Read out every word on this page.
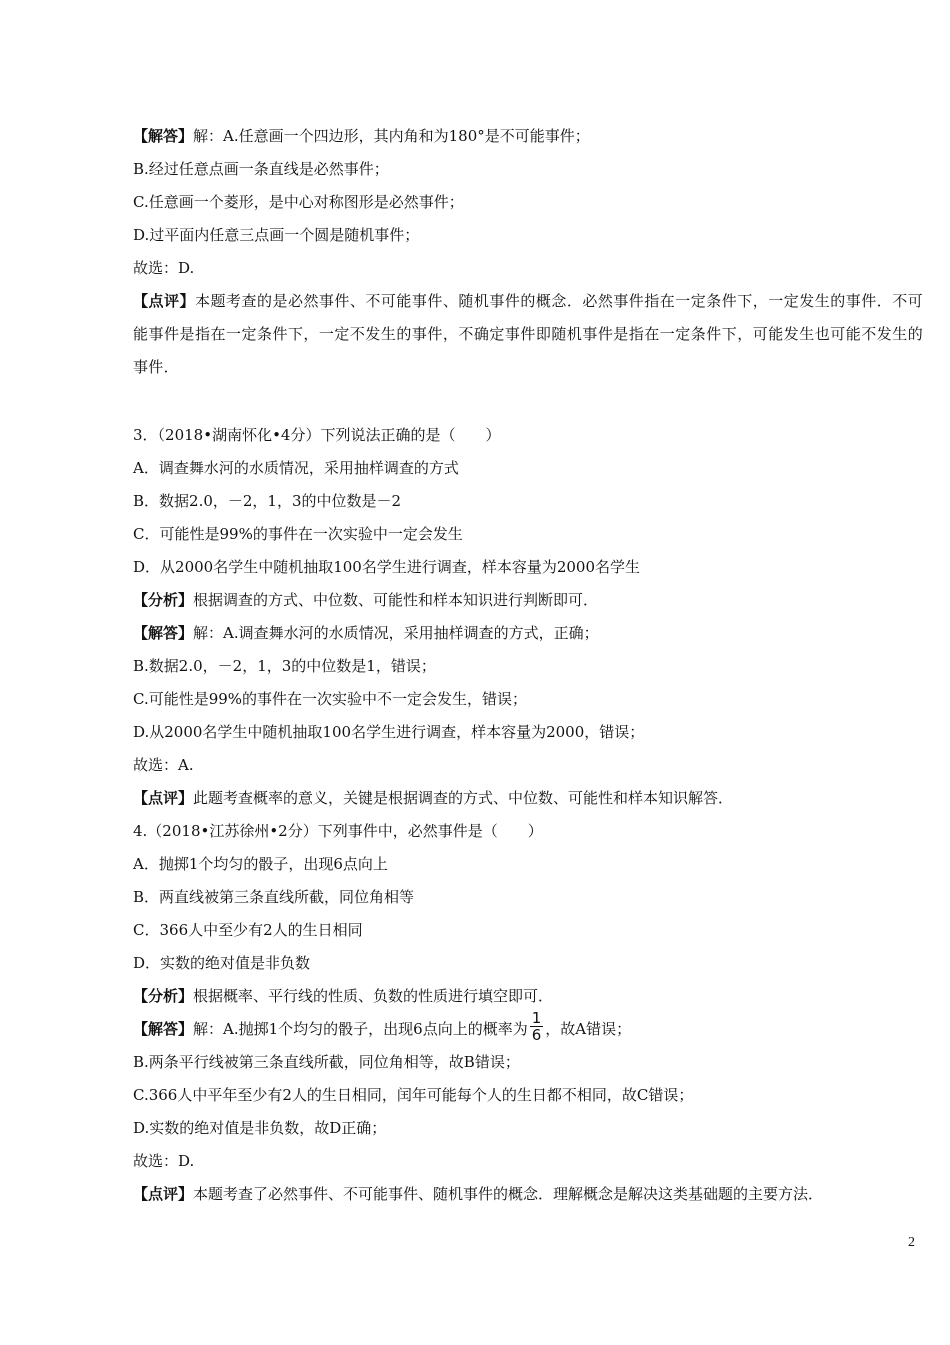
【解答】解：A.任意画一个四边形，其内角和为180°是不可能事件；
B.经过任意点画一条直线是必然事件；
C.任意画一个菱形，是中心对称图形是必然事件；
D.过平面内任意三点画一个圆是随机事件；
故选：D.
【点评】本题考查的是必然事件、不可能事件、随机事件的概念．必然事件指在一定条件下，一定发生的事件．不可能事件是指在一定条件下，一定不发生的事件，不确定事件即随机事件是指在一定条件下，可能发生也可能不发生的事件．
3．（2018•湖南怀化•4分）下列说法正确的是（　　）
A．调查舞水河的水质情况，采用抽样调查的方式
B．数据2.0，－2，1，3的中位数是－2
C．可能性是99%的事件在一次实验中一定会发生
D．从2000名学生中随机抽取100名学生进行调查，样本容量为2000名学生
【分析】根据调查的方式、中位数、可能性和样本知识进行判断即可．
【解答】解：A.调查舞水河的水质情况，采用抽样调查的方式，正确；
B.数据2.0，－2，1，3的中位数是1，错误；
C.可能性是99%的事件在一次实验中不一定会发生，错误；
D.从2000名学生中随机抽取100名学生进行调查，样本容量为2000，错误；
故选：A.
【点评】此题考查概率的意义，关键是根据调查的方式、中位数、可能性和样本知识解答．
4.（2018•江苏徐州•2分）下列事件中，必然事件是（　　）
A．抛掷1个均匀的骰子，出现6点向上
B．两直线被第三条直线所截，同位角相等
C．366人中至少有2人的生日相同
D．实数的绝对值是非负数
【分析】根据概率、平行线的性质、负数的性质进行填空即可．
【解答】解：A.抛掷1个均匀的骰子，出现6点向上的概率为 $\frac{1}{6}$ ，故A错误；
B.两条平行线被第三条直线所截，同位角相等，故B错误；
C.366人中平年至少有2人的生日相同，闰年可能每个人的生日都不相同，故C错误；
D.实数的绝对值是非负数，故D正确；
故选：D.
【点评】本题考查了必然事件、不可能事件、随机事件的概念．理解概念是解决这类基础题的主要方法．
2
